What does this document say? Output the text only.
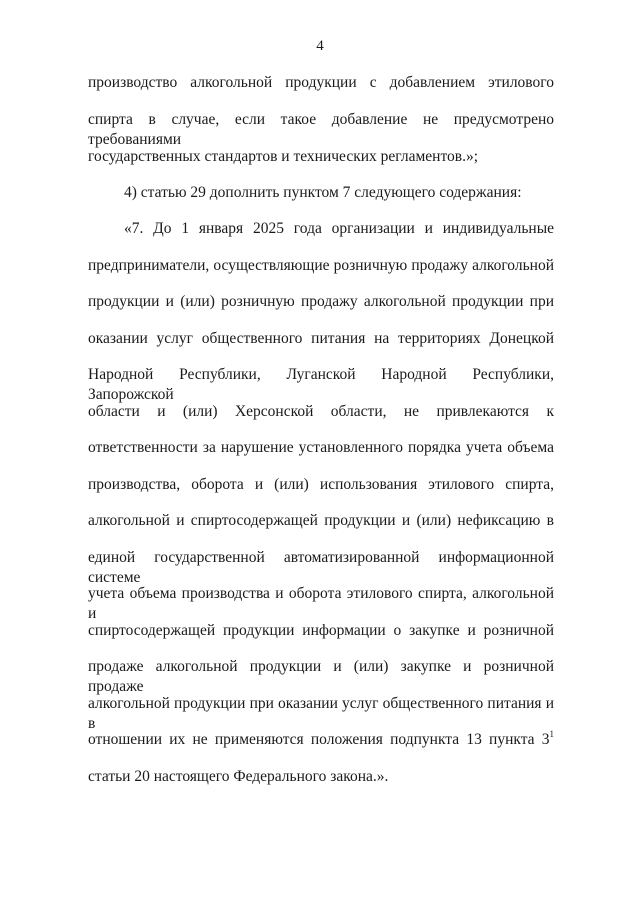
4
производство алкогольной продукции с добавлением этилового
спирта в случае, если такое добавление не предусмотрено требованиями
государственных стандартов и технических регламентов.»;
4) статью 29 дополнить пунктом 7 следующего содержания:
«7. До 1 января 2025 года организации и индивидуальные
предприниматели, осуществляющие розничную продажу алкогольной
продукции и (или) розничную продажу алкогольной продукции при
оказании услуг общественного питания на территориях Донецкой
Народной Республики, Луганской Народной Республики, Запорожской
области и (или) Херсонской области, не привлекаются к
ответственности за нарушение установленного порядка учета объема
производства, оборота и (или) использования этилового спирта,
алкогольной и спиртосодержащей продукции и (или) нефиксацию в
единой государственной автоматизированной информационной системе
учета объема производства и оборота этилового спирта, алкогольной и
спиртосодержащей продукции информации о закупке и розничной
продаже алкогольной продукции и (или) закупке и розничной продаже
алкогольной продукции при оказании услуг общественного питания и в
отношении их не применяются положения подпункта 13 пункта $3^1$
статьи 20 настоящего Федерального закона.».
